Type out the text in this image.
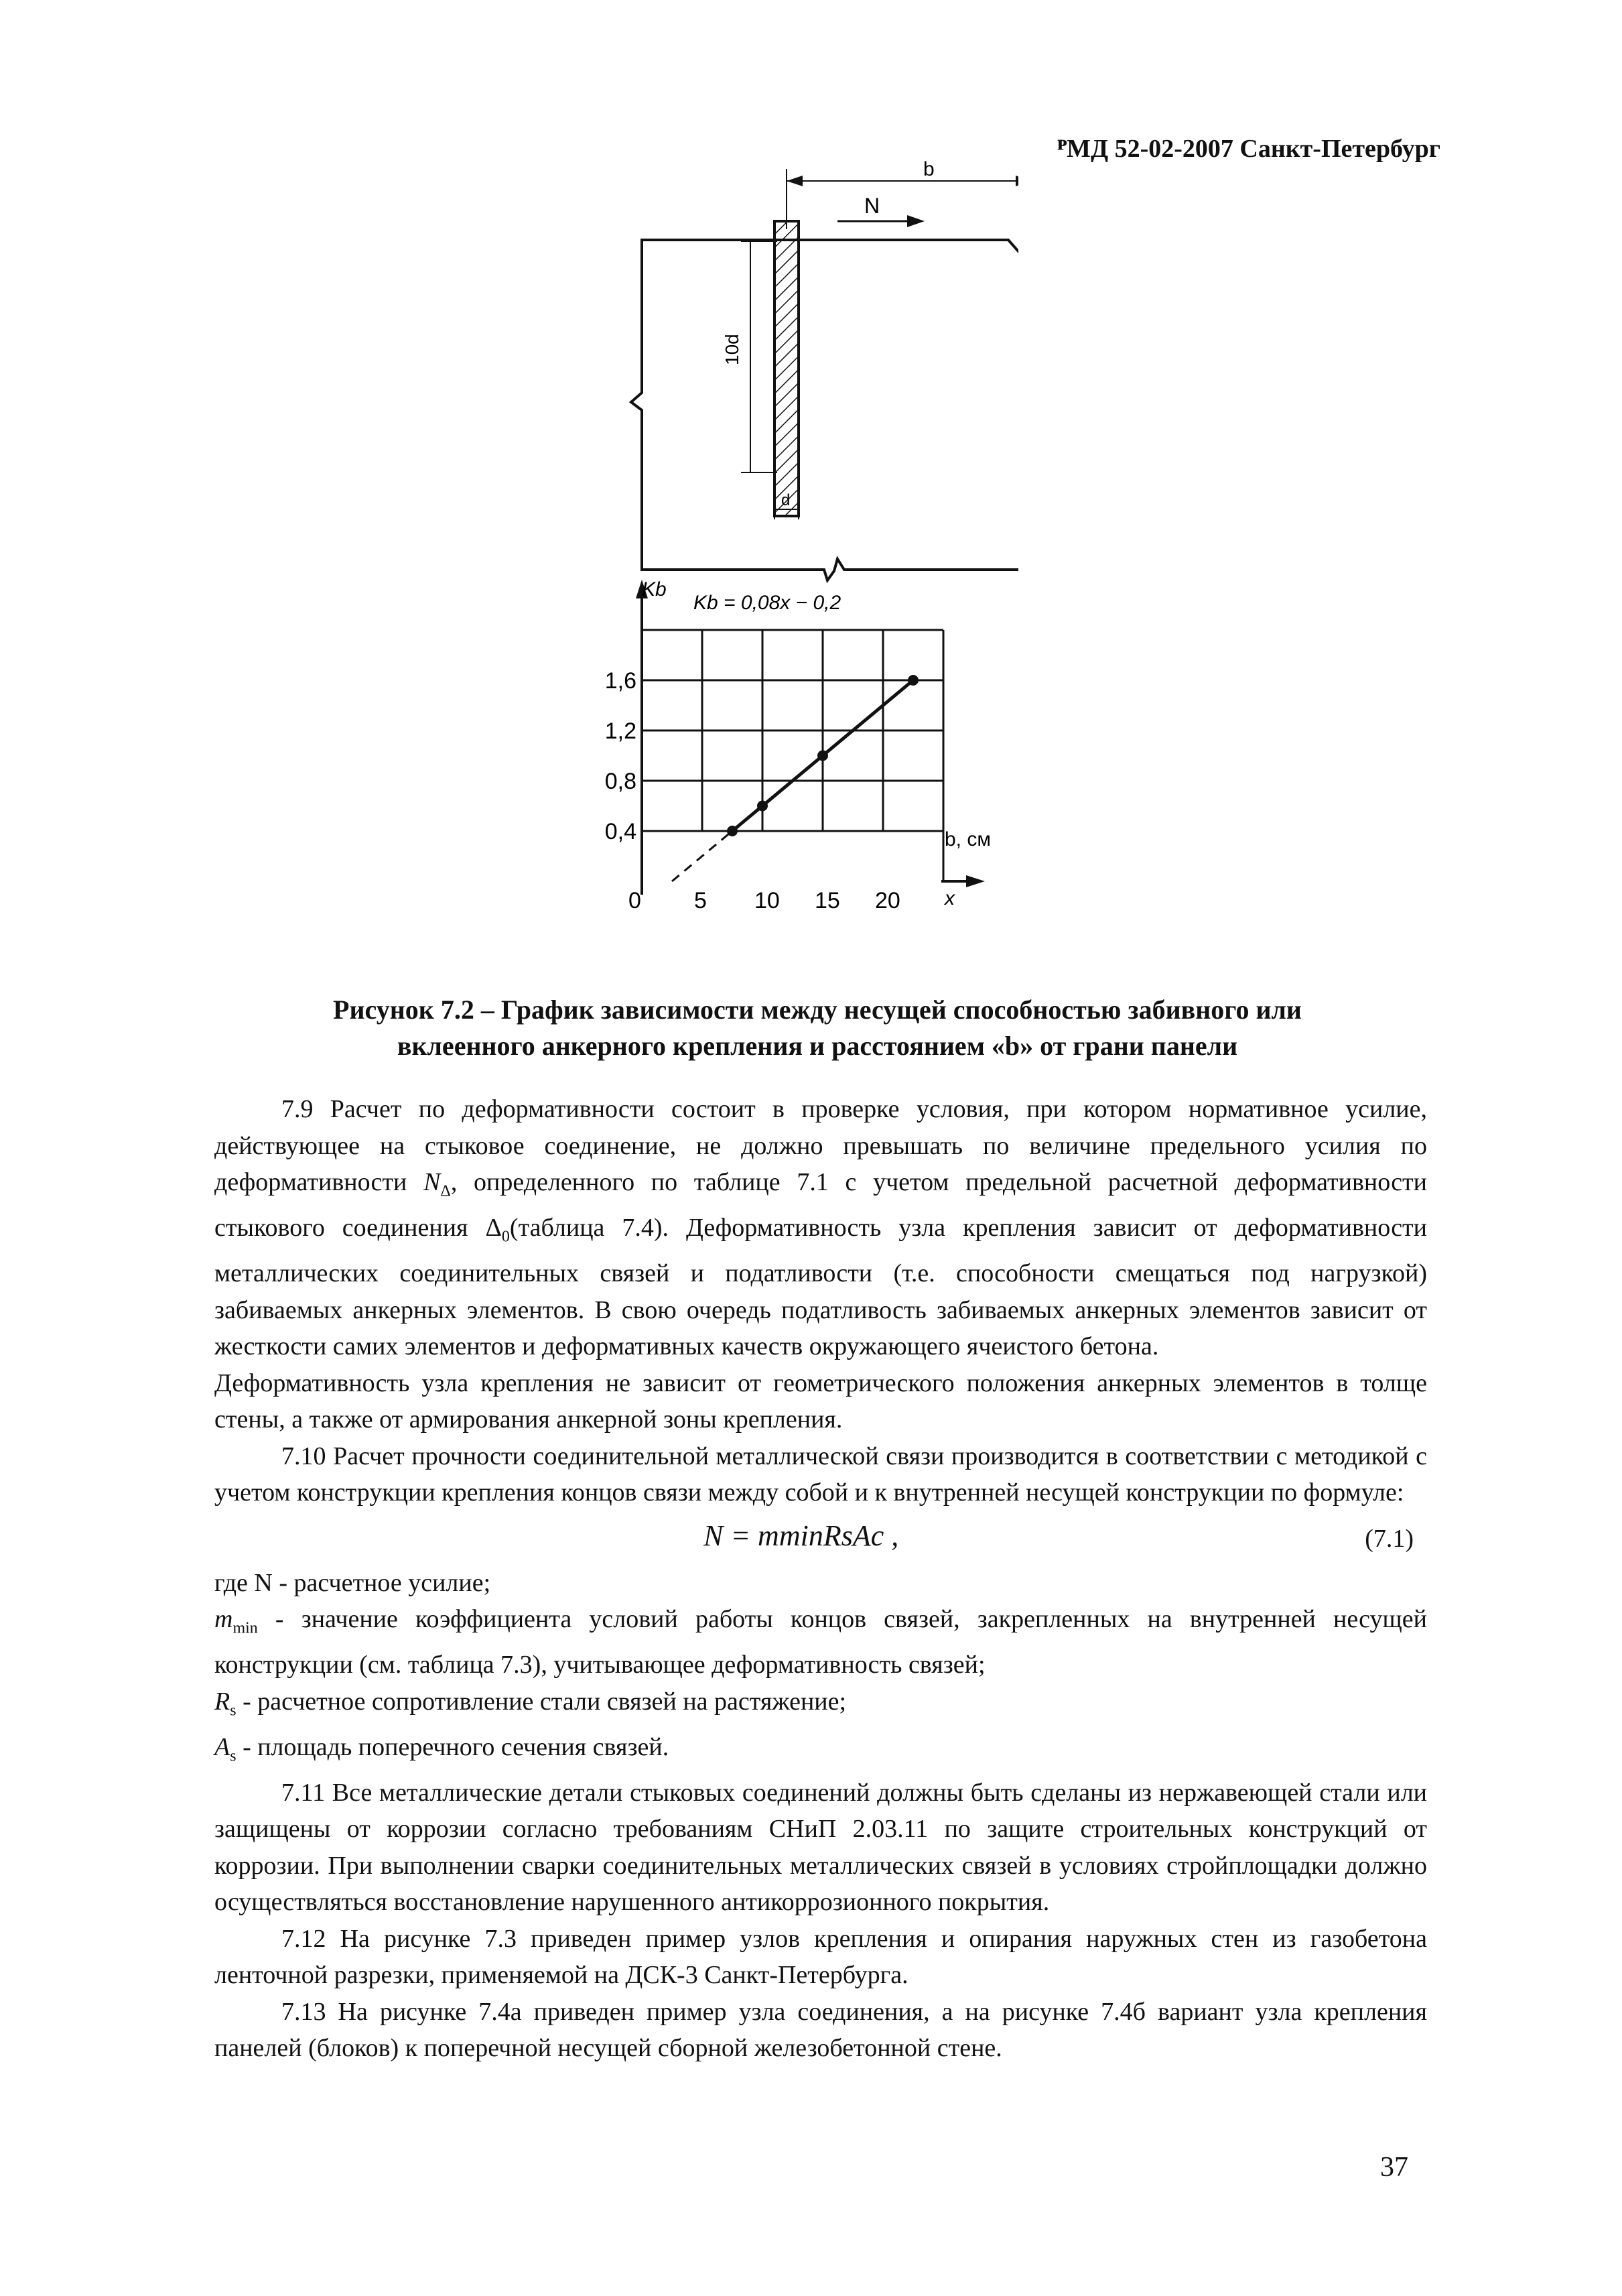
ᴾМД 52-02-2007 Санкт-Петербург
b
N
10d
d
0 5 10 15 20
0,4
0,8
1,2
1,6
Kb
Kb = 0,08x − 0,2
b, см
x
Рисунок 7.2 – График зависимости между несущей способностью забивного или
вклеенного анкерного крепления и расстоянием «b» от грани панели

7.9 Расчет по деформативности состоит в проверке условия, при котором нормативное усилие, действующее на стыковое соединение, не должно превышать по величине предельного усилия по деформативности $N_\Delta$, определенного по таблице 7.1 с учетом предельной расчетной деформативности стыкового соединения $\Delta_0(таблица$ 7.4). Деформативность узла крепления зависит от деформативности металлических соединительных связей и податливости (т.е. способности смещаться под нагрузкой) забиваемых анкерных элементов. В свою очередь податливость забиваемых анкерных элементов зависит от жесткости самих элементов и деформативных качеств окружающего ячеистого бетона.

Деформативность узла крепления не зависит от геометрического положения анкерных элементов в толще стены, а также от армирования анкерной зоны крепления.

7.10 Расчет прочности соединительной металлической связи производится в соответствии с методикой с учетом конструкции крепления концов связи между собой и к внутренней несущей конструкции по формуле:

N = mminRsAc ,	(7.1)

где N - расчетное усилие;

$m_{min}$ - значение коэффициента условий работы концов связей, закрепленных на внутренней несущей конструкции (см. таблица 7.3), учитывающее деформативность связей;

$R_s$ - расчетное сопротивление стали связей на растяжение;

$A_s$ - площадь поперечного сечения связей.

7.11 Все металлические детали стыковых соединений должны быть сделаны из нержавеющей стали или защищены от коррозии согласно требованиям СНиП 2.03.11 по защите строительных конструкций от коррозии. При выполнении сварки соединительных металлических связей в условиях стройплощадки должно осуществляться восстановление нарушенного антикоррозионного покрытия.

7.12 На рисунке 7.3 приведен пример узлов крепления и опирания наружных стен из газобетона ленточной разрезки, применяемой на ДСК-3 Санкт-Петербурга.

7.13 На рисунке 7.4а приведен пример узла соединения, а на рисунке 7.4б вариант узла крепления панелей (блоков) к поперечной несущей сборной железобетонной стене.

37
